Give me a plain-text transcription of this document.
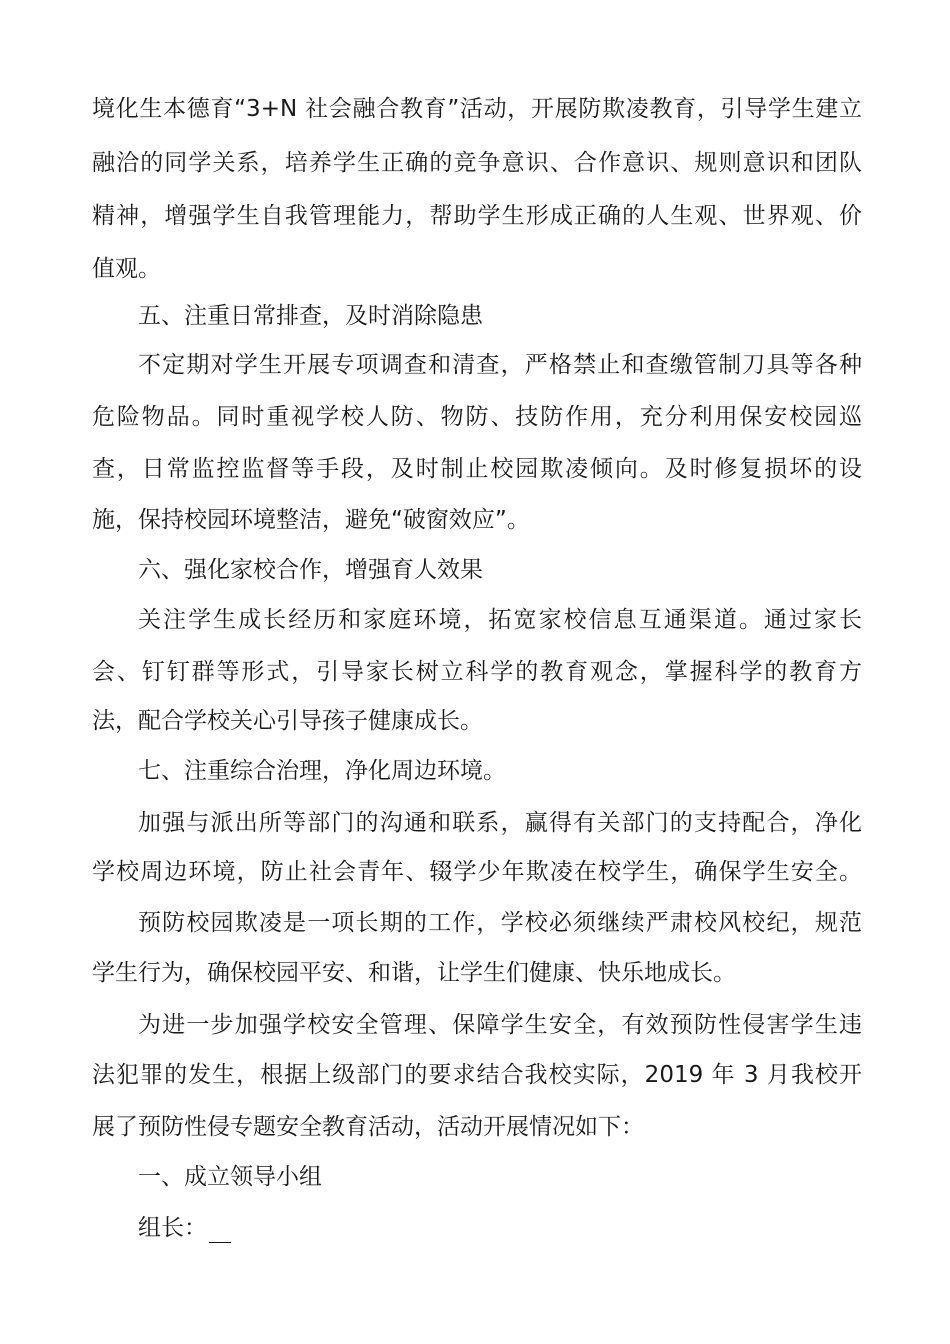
境化生本德育“3+N 社会融合教育”活动，开展防欺凌教育，引导学生建立
融洽的同学关系，培养学生正确的竞争意识、合作意识、规则意识和团队
精神，增强学生自我管理能力，帮助学生形成正确的人生观、世界观、价
值观。
五、注重日常排查，及时消除隐患
不定期对学生开展专项调查和清查，严格禁止和查缴管制刀具等各种
危险物品。同时重视学校人防、物防、技防作用，充分利用保安校园巡
查，日常监控监督等手段，及时制止校园欺凌倾向。及时修复损坏的设
施，保持校园环境整洁，避免“破窗效应”。
六、强化家校合作，增强育人效果
关注学生成长经历和家庭环境，拓宽家校信息互通渠道。通过家长
会、钉钉群等形式，引导家长树立科学的教育观念，掌握科学的教育方
法，配合学校关心引导孩子健康成长。
七、注重综合治理，净化周边环境。
加强与派出所等部门的沟通和联系，赢得有关部门的支持配合，净化
学校周边环境，防止社会青年、辍学少年欺凌在校学生，确保学生安全。
预防校园欺凌是一项长期的工作，学校必须继续严肃校风校纪，规范
学生行为，确保校园平安、和谐，让学生们健康、快乐地成长。
为进一步加强学校安全管理、保障学生安全，有效预防性侵害学生违
法犯罪的发生，根据上级部门的要求结合我校实际，2019 年 3 月我校开
展了预防性侵专题安全教育活动，活动开展情况如下：
一、成立领导小组
组长：
